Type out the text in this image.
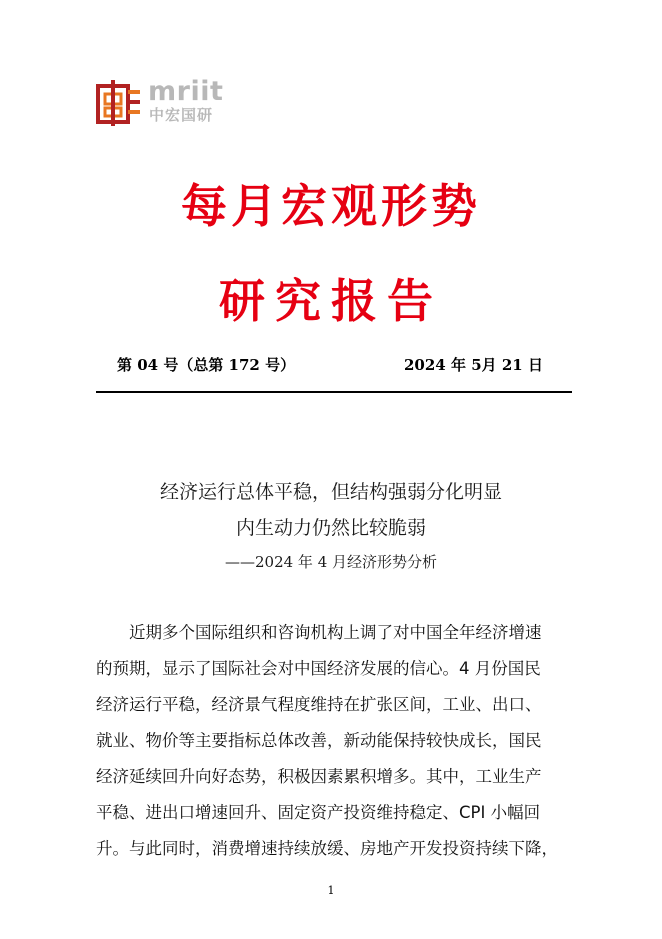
mriit
中宏国研
每月宏观形势
研究报告
第 04 号（总第 172 号）	2024 年 5月 21 日
经济运行总体平稳，但结构强弱分化明显
内生动力仍然比较脆弱
——2024 年 4 月经济形势分析
近期多个国际组织和咨询机构上调了对中国全年经济增速
的预期，显示了国际社会对中国经济发展的信心。4 月份国民
经济运行平稳，经济景气程度维持在扩张区间，工业、出口、
就业、物价等主要指标总体改善，新动能保持较快成长，国民
经济延续回升向好态势，积极因素累积增多。其中，工业生产
平稳、进出口增速回升、固定资产投资维持稳定、CPI 小幅回
升。与此同时，消费增速持续放缓、房地产开发投资持续下降，
1
